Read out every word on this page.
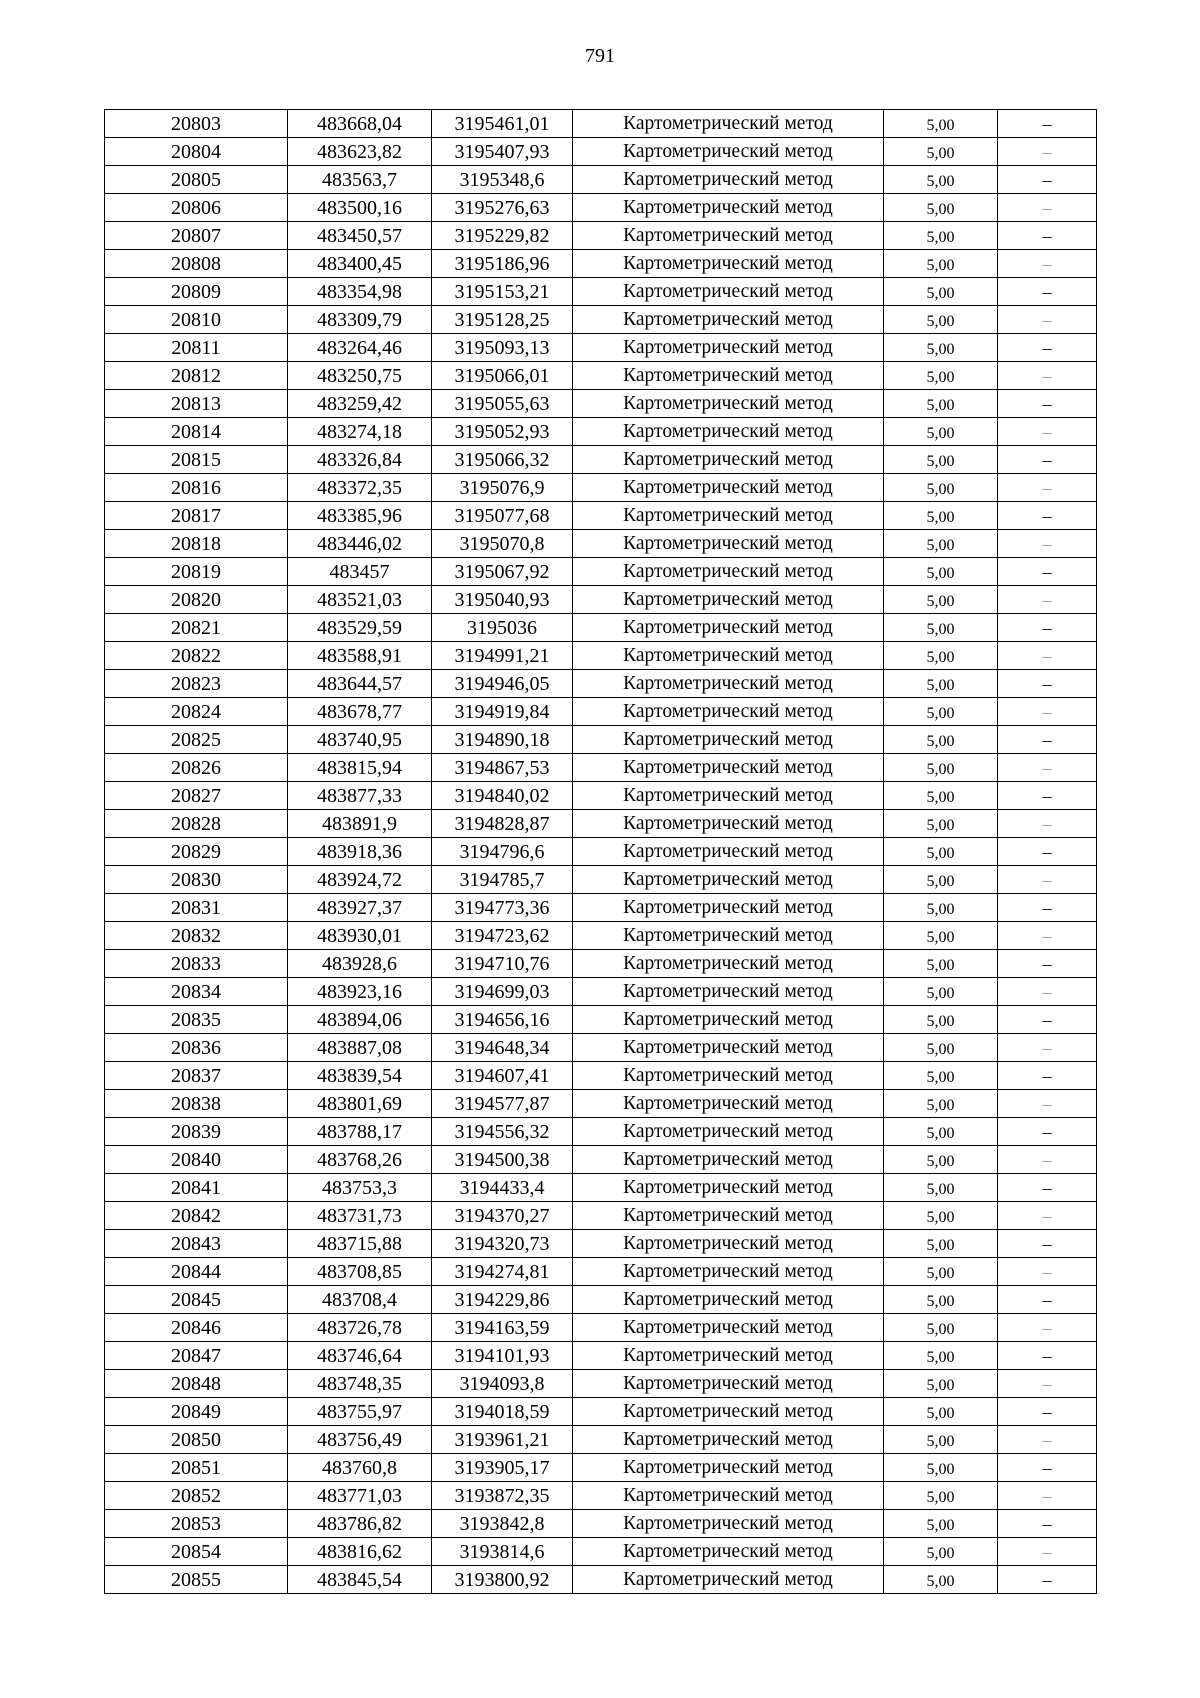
791
20803	483668,04	3195461,01	Картометрический метод	5,00	–
20804	483623,82	3195407,93	Картометрический метод	5,00	–
20805	483563,7	3195348,6	Картометрический метод	5,00	–
20806	483500,16	3195276,63	Картометрический метод	5,00	–
20807	483450,57	3195229,82	Картометрический метод	5,00	–
20808	483400,45	3195186,96	Картометрический метод	5,00	–
20809	483354,98	3195153,21	Картометрический метод	5,00	–
20810	483309,79	3195128,25	Картометрический метод	5,00	–
20811	483264,46	3195093,13	Картометрический метод	5,00	–
20812	483250,75	3195066,01	Картометрический метод	5,00	–
20813	483259,42	3195055,63	Картометрический метод	5,00	–
20814	483274,18	3195052,93	Картометрический метод	5,00	–
20815	483326,84	3195066,32	Картометрический метод	5,00	–
20816	483372,35	3195076,9	Картометрический метод	5,00	–
20817	483385,96	3195077,68	Картометрический метод	5,00	–
20818	483446,02	3195070,8	Картометрический метод	5,00	–
20819	483457	3195067,92	Картометрический метод	5,00	–
20820	483521,03	3195040,93	Картометрический метод	5,00	–
20821	483529,59	3195036	Картометрический метод	5,00	–
20822	483588,91	3194991,21	Картометрический метод	5,00	–
20823	483644,57	3194946,05	Картометрический метод	5,00	–
20824	483678,77	3194919,84	Картометрический метод	5,00	–
20825	483740,95	3194890,18	Картометрический метод	5,00	–
20826	483815,94	3194867,53	Картометрический метод	5,00	–
20827	483877,33	3194840,02	Картометрический метод	5,00	–
20828	483891,9	3194828,87	Картометрический метод	5,00	–
20829	483918,36	3194796,6	Картометрический метод	5,00	–
20830	483924,72	3194785,7	Картометрический метод	5,00	–
20831	483927,37	3194773,36	Картометрический метод	5,00	–
20832	483930,01	3194723,62	Картометрический метод	5,00	–
20833	483928,6	3194710,76	Картометрический метод	5,00	–
20834	483923,16	3194699,03	Картометрический метод	5,00	–
20835	483894,06	3194656,16	Картометрический метод	5,00	–
20836	483887,08	3194648,34	Картометрический метод	5,00	–
20837	483839,54	3194607,41	Картометрический метод	5,00	–
20838	483801,69	3194577,87	Картометрический метод	5,00	–
20839	483788,17	3194556,32	Картометрический метод	5,00	–
20840	483768,26	3194500,38	Картометрический метод	5,00	–
20841	483753,3	3194433,4	Картометрический метод	5,00	–
20842	483731,73	3194370,27	Картометрический метод	5,00	–
20843	483715,88	3194320,73	Картометрический метод	5,00	–
20844	483708,85	3194274,81	Картометрический метод	5,00	–
20845	483708,4	3194229,86	Картометрический метод	5,00	–
20846	483726,78	3194163,59	Картометрический метод	5,00	–
20847	483746,64	3194101,93	Картометрический метод	5,00	–
20848	483748,35	3194093,8	Картометрический метод	5,00	–
20849	483755,97	3194018,59	Картометрический метод	5,00	–
20850	483756,49	3193961,21	Картометрический метод	5,00	–
20851	483760,8	3193905,17	Картометрический метод	5,00	–
20852	483771,03	3193872,35	Картометрический метод	5,00	–
20853	483786,82	3193842,8	Картометрический метод	5,00	–
20854	483816,62	3193814,6	Картометрический метод	5,00	–
20855	483845,54	3193800,92	Картометрический метод	5,00	–
